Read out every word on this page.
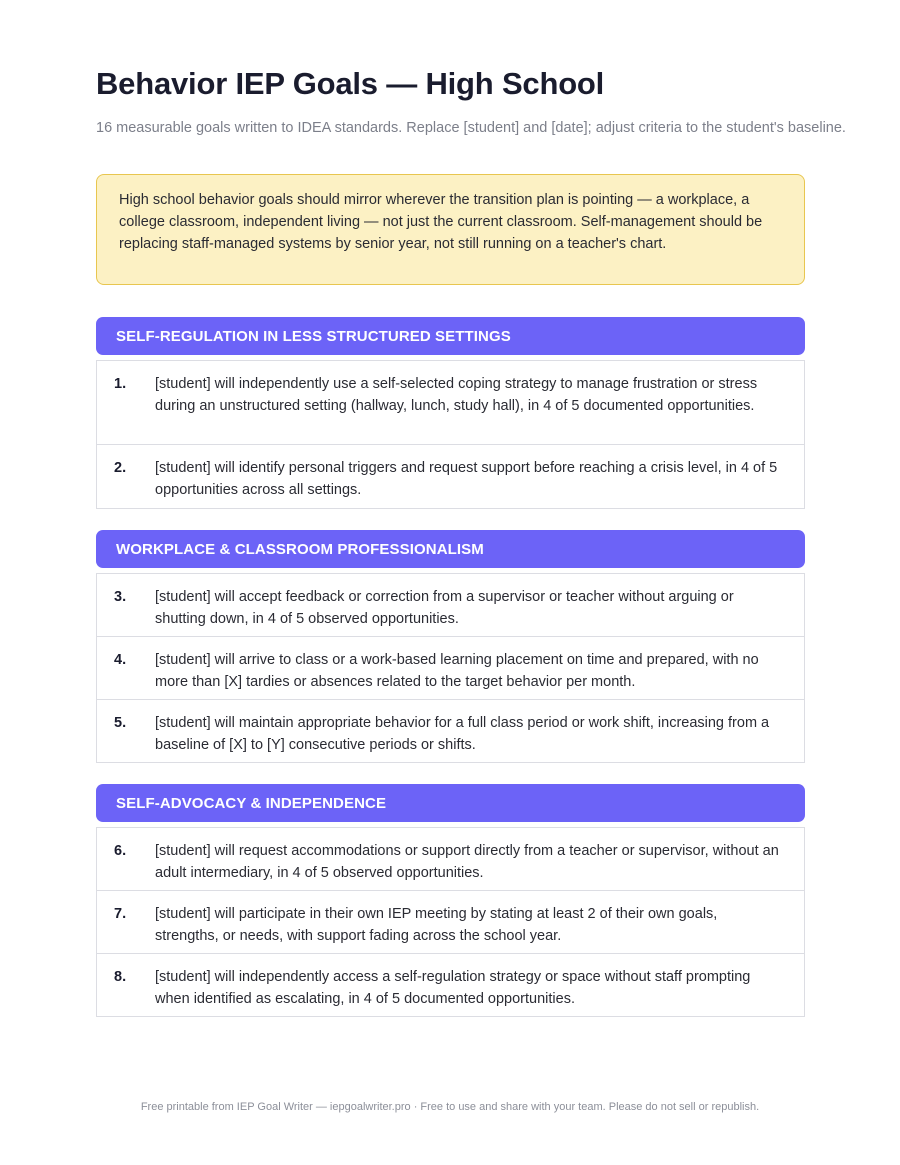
Behavior IEP Goals — High School

16 measurable goals written to IDEA standards. Replace [student] and [date]; adjust criteria to the student's baseline.

High school behavior goals should mirror wherever the transition plan is pointing — a workplace, a college classroom, independent living — not just the current classroom. Self-management should be replacing staff-managed systems by senior year, not still running on a teacher's chart.

SELF-REGULATION IN LESS STRUCTURED SETTINGS
1.	[student] will independently use a self-selected coping strategy to manage frustration or stress during an unstructured setting (hallway, lunch, study hall), in 4 of 5 documented opportunities.
2.	[student] will identify personal triggers and request support before reaching a crisis level, in 4 of 5 opportunities across all settings.
WORKPLACE & CLASSROOM PROFESSIONALISM
3.	[student] will accept feedback or correction from a supervisor or teacher without arguing or shutting down, in 4 of 5 observed opportunities.
4.	[student] will arrive to class or a work-based learning placement on time and prepared, with no more than [X] tardies or absences related to the target behavior per month.
5.	[student] will maintain appropriate behavior for a full class period or work shift, increasing from a baseline of [X] to [Y] consecutive periods or shifts.
SELF-ADVOCACY & INDEPENDENCE
6.	[student] will request accommodations or support directly from a teacher or supervisor, without an adult intermediary, in 4 of 5 observed opportunities.
7.	[student] will participate in their own IEP meeting by stating at least 2 of their own goals, strengths, or needs, with support fading across the school year.
8.	[student] will independently access a self-regulation strategy or space without staff prompting when identified as escalating, in 4 of 5 documented opportunities.
Free printable from IEP Goal Writer — iepgoalwriter.pro · Free to use and share with your team. Please do not sell or republish.
